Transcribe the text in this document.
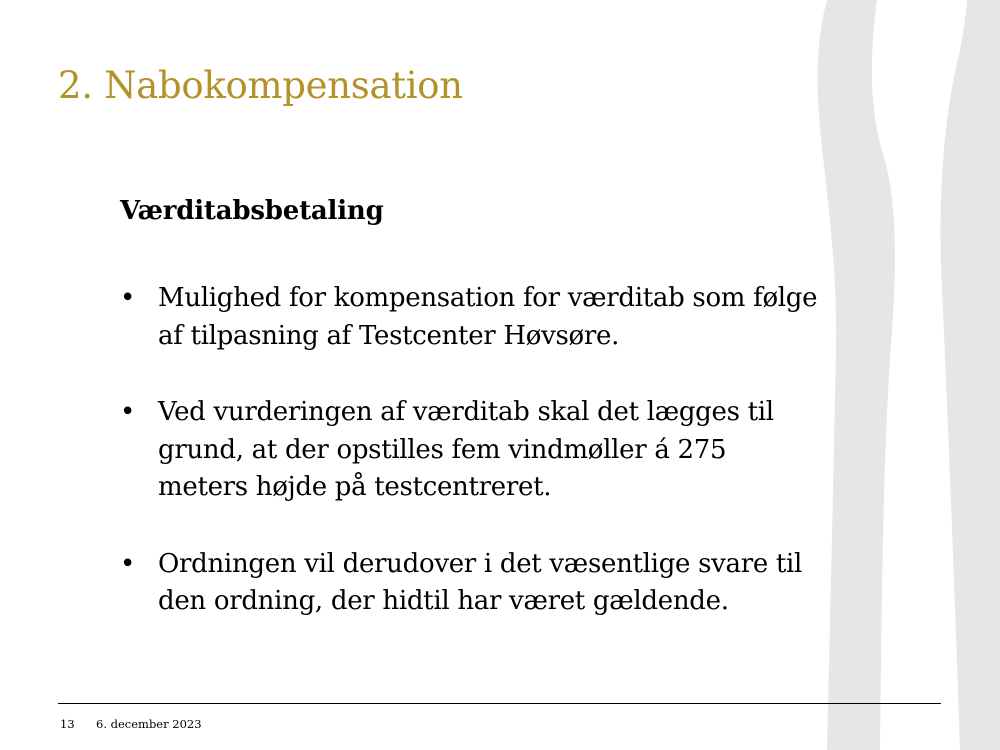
2. Nabokompensation
Værditabsbetaling
• Mulighed for kompensation for værditab som følge af tilpasning af Testcenter Høvsøre.
• Ved vurderingen af værditab skal det lægges til grund, at der opstilles fem vindmøller á 275 meters højde på testcentreret.
• Ordningen vil derudover i det væsentlige svare til den ordning, der hidtil har været gældende.
13 6. december 2023
